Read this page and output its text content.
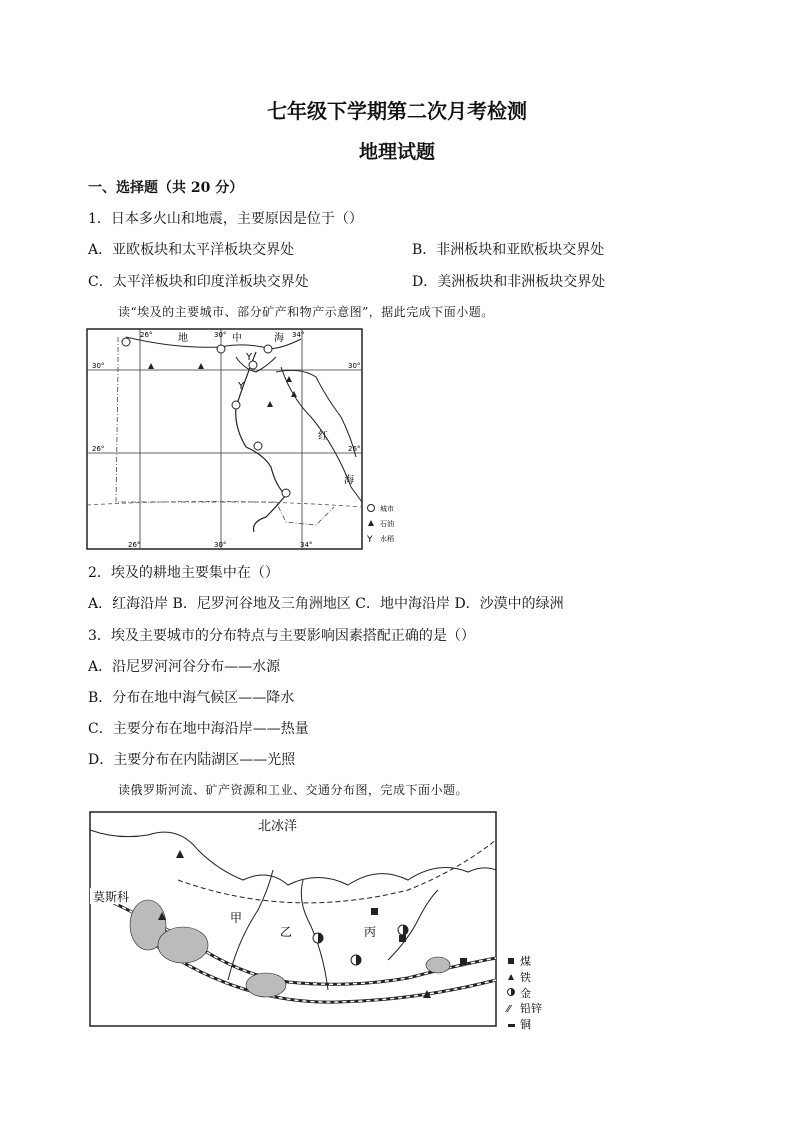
七年级下学期第二次月考检测
地理试题
一、选择题（共 20 分）
1．日本多火山和地震，主要原因是位于（）
A．亚欧板块和太平洋板块交界处	B．非洲板块和亚欧板块交界处
C．太平洋板块和印度洋板块交界处	D．美洲板块和非洲板块交界处
读“埃及的主要城市、部分矿产和物产示意图”，据此完成下面小题。
Y
Y
地	中	海
红
海
26°	30°	34°
26°	30°	34°
30°
26°
30°
26°
城市
石油
Y 水稻
2．埃及的耕地主要集中在（）
A．红海沿岸 B．尼罗河谷地及三角洲地区 C．地中海沿岸 D．沙漠中的绿洲
3．埃及主要城市的分布特点与主要影响因素搭配正确的是（）
A．沿尼罗河河谷分布——水源
B．分布在地中海气候区——降水
C．主要分布在地中海沿岸——热量
D．主要分布在内陆湖区——光照
读俄罗斯河流、矿产资源和工业、交通分布图，完成下面小题。
北冰洋
莫斯科
甲
乙	丙
煤
铁
金
⁄⁄ 铅锌
铜
